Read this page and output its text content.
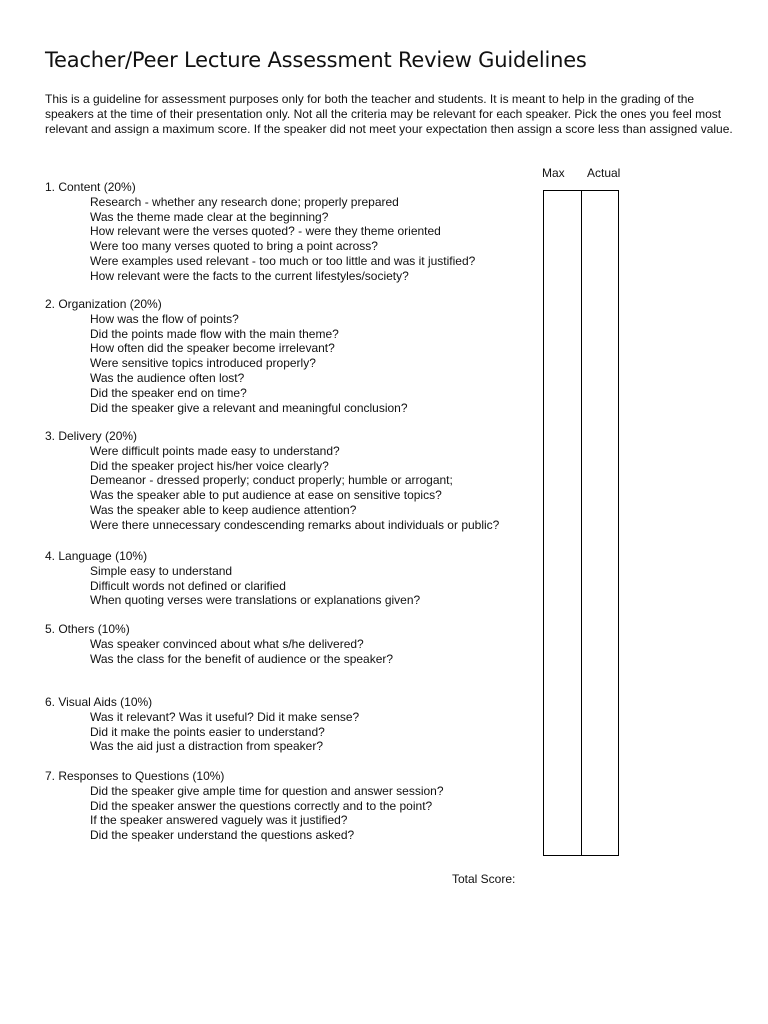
Teacher/Peer Lecture Assessment Review Guidelines
This is a guideline for assessment purposes only for both the teacher and students. It is meant to help in the grading of the speakers at the time of their presentation only. Not all the criteria may be relevant for each speaker. Pick the ones you feel most relevant and assign a maximum score. If the speaker did not meet your expectation then assign a score less than assigned value.
Max Actual
1. Content (20%)
Research - whether any research done; properly prepared
Was the theme made clear at the beginning?
How relevant were the verses quoted? - were they theme oriented
Were too many verses quoted to bring a point across?
Were examples used relevant - too much or too little and was it justified?
How relevant were the facts to the current lifestyles/society?
2. Organization (20%)
How was the flow of points?
Did the points made flow with the main theme?
How often did the speaker become irrelevant?
Were sensitive topics introduced properly?
Was the audience often lost?
Did the speaker end on time?
Did the speaker give a relevant and meaningful conclusion?
3. Delivery (20%)
Were difficult points made easy to understand?
Did the speaker project his/her voice clearly?
Demeanor - dressed properly; conduct properly; humble or arrogant;
Was the speaker able to put audience at ease on sensitive topics?
Was the speaker able to keep audience attention?
Were there unnecessary condescending remarks about individuals or public?
4. Language (10%)
Simple easy to understand
Difficult words not defined or clarified
When quoting verses were translations or explanations given?
5. Others (10%)
Was speaker convinced about what s/he delivered?
Was the class for the benefit of audience or the speaker?
6. Visual Aids (10%)
Was it relevant? Was it useful? Did it make sense?
Did it make the points easier to understand?
Was the aid just a distraction from speaker?
7. Responses to Questions (10%)
Did the speaker give ample time for question and answer session?
Did the speaker answer the questions correctly and to the point?
If the speaker answered vaguely was it justified?
Did the speaker understand the questions asked?
Total Score:
